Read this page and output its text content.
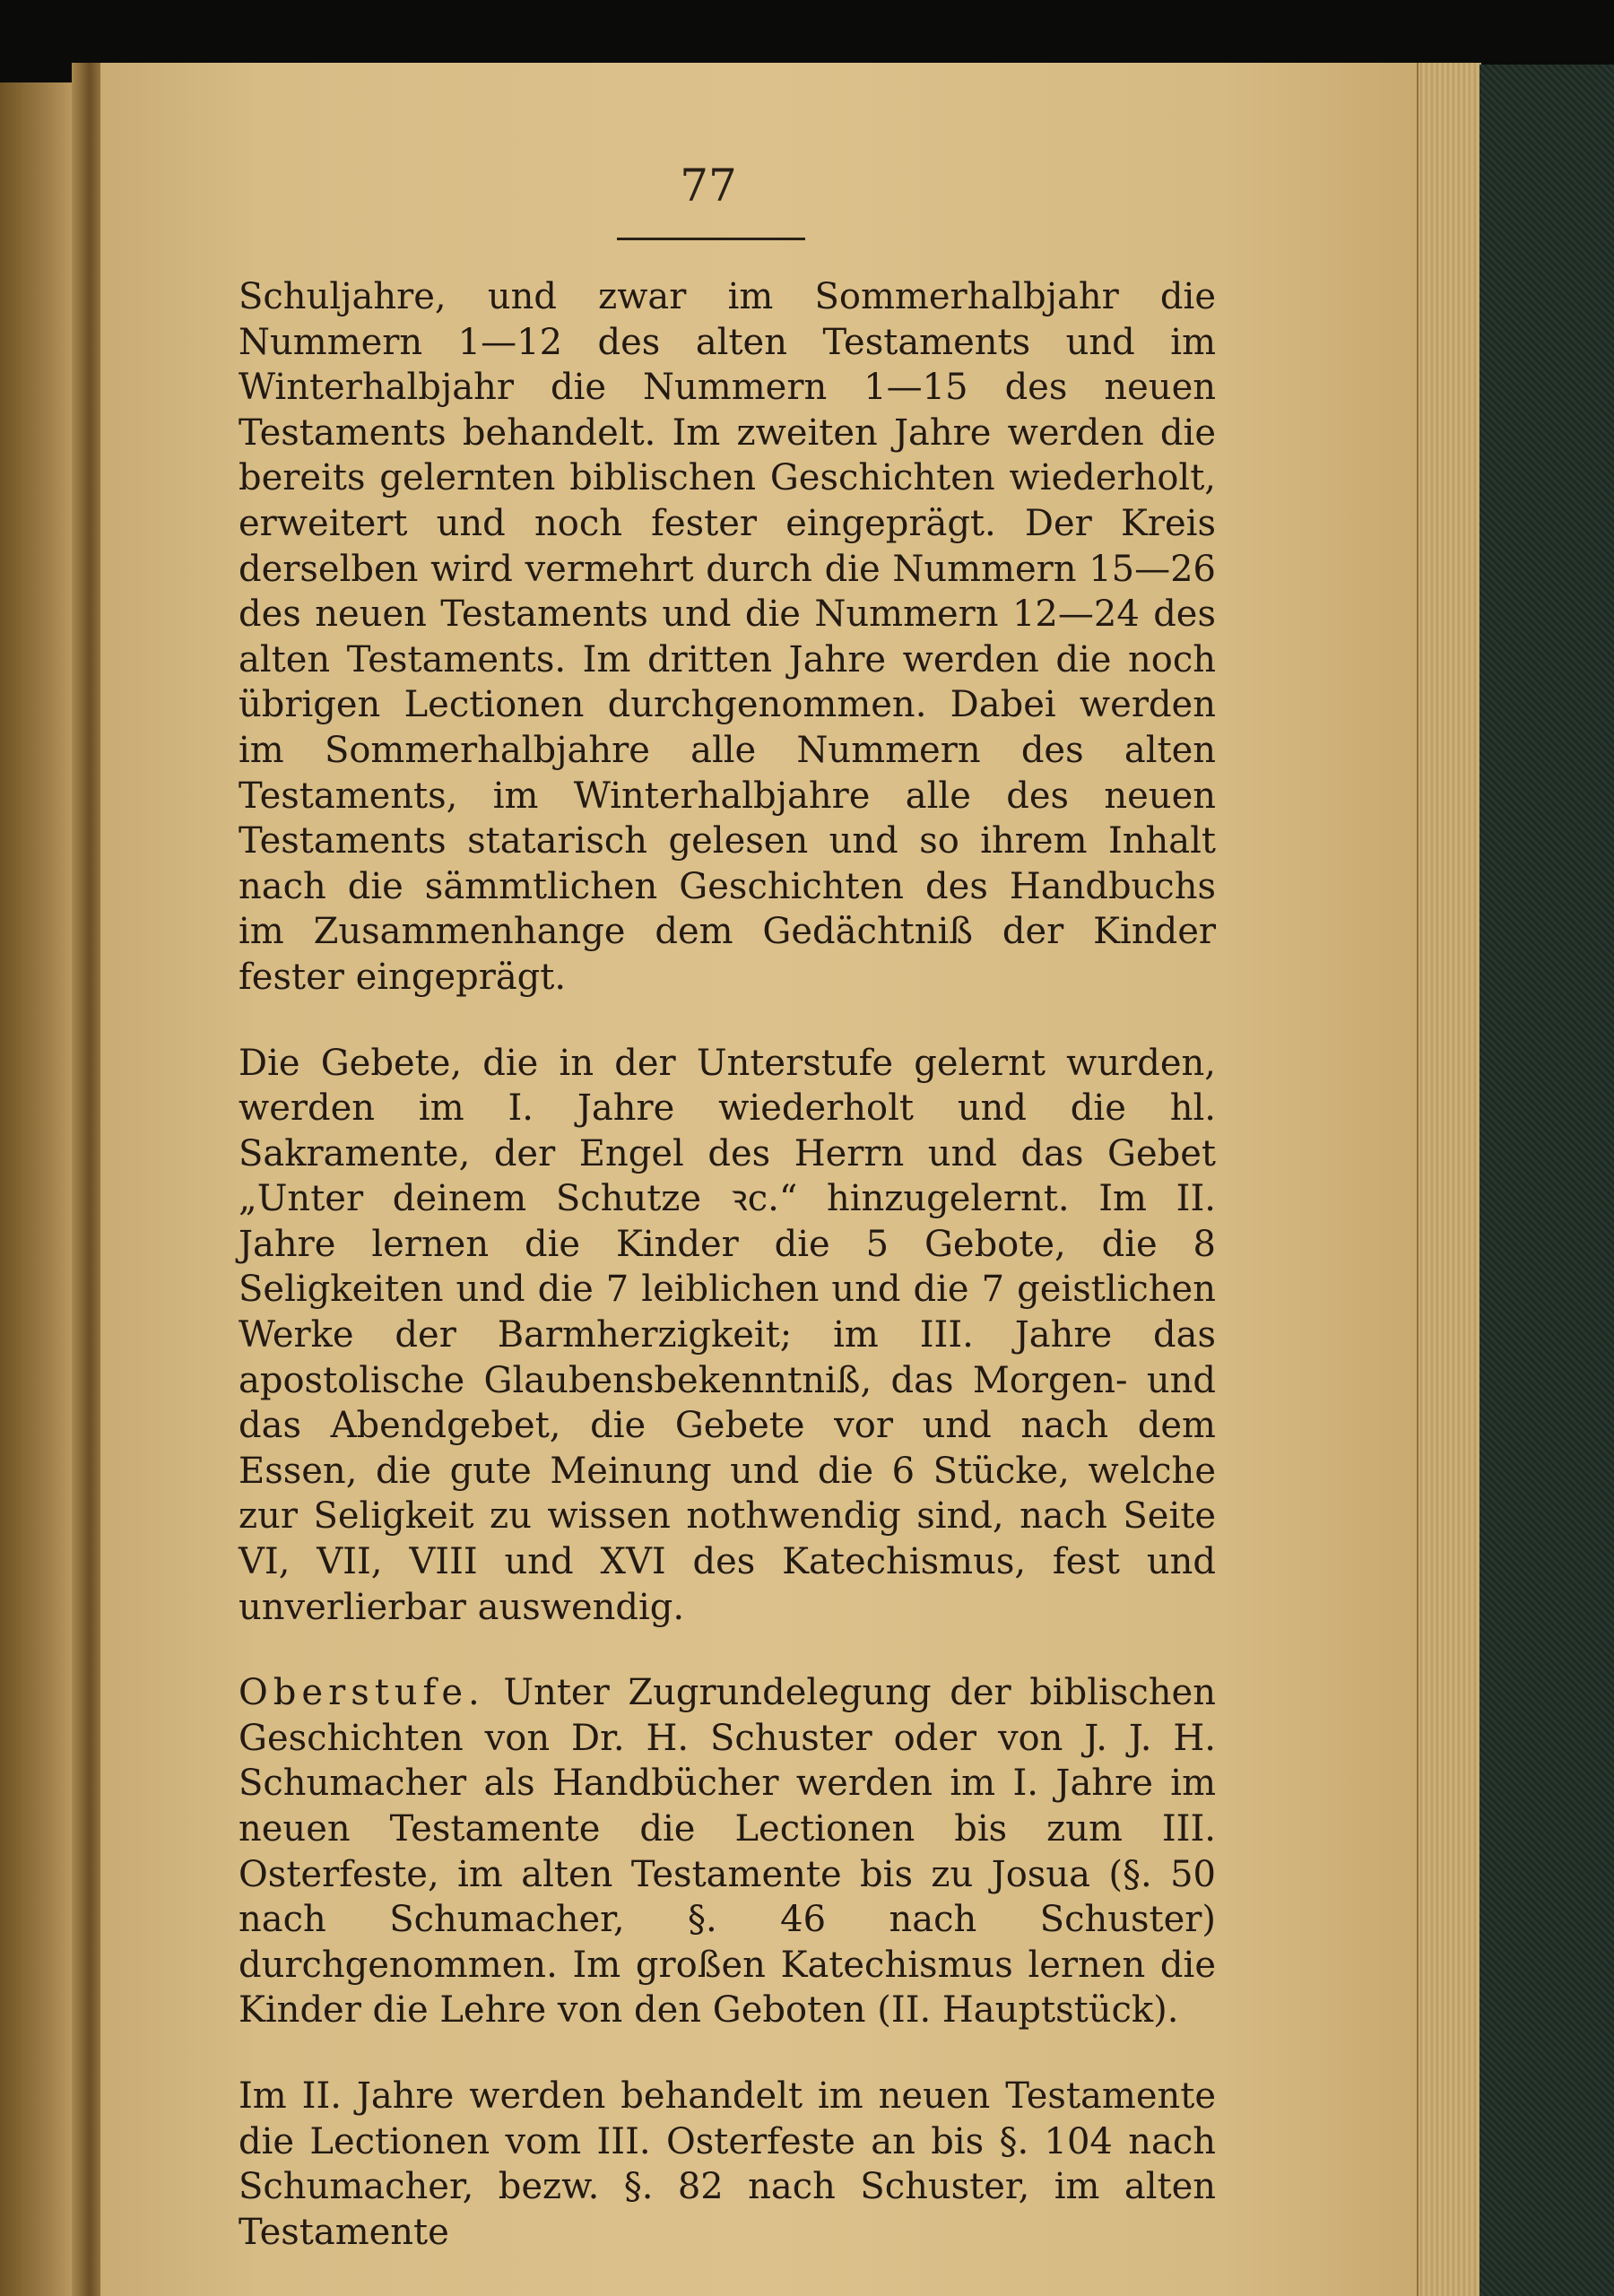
77

Schuljahre, und zwar im Sommerhalbjahr die Nummern 1—12 des alten Testaments und im Winterhalbjahr die Nummern 1—15 des neuen Testaments behandelt. Im zweiten Jahre werden die bereits gelernten biblischen Geschichten wiederholt, erweitert und noch fester eingeprägt. Der Kreis derselben wird vermehrt durch die Nummern 15—26 des neuen Testaments und die Nummern 12—24 des alten Testaments. Im dritten Jahre werden die noch übrigen Lectionen durchgenommen. Dabei werden im Sommerhalbjahre alle Nummern des alten Testaments, im Winterhalbjahre alle des neuen Testaments statarisch gelesen und so ihrem Inhalt nach die sämmtlichen Geschichten des Handbuchs im Zusammenhange dem Gedächtniß der Kinder fester eingeprägt.

Die Gebete, die in der Unterstufe gelernt wurden, werden im I. Jahre wiederholt und die hl. Sakramente, der Engel des Herrn und das Gebet „Unter deinem Schutze ꝛc.“ hinzugelernt. Im II. Jahre lernen die Kinder die 5 Gebote, die 8 Seligkeiten und die 7 leiblichen und die 7 geistlichen Werke der Barmherzigkeit; im III. Jahre das apostolische Glaubensbekenntniß, das Morgen- und das Abendgebet, die Gebete vor und nach dem Essen, die gute Meinung und die 6 Stücke, welche zur Seligkeit zu wissen nothwendig sind, nach Seite VI, VII, VIII und XVI des Katechismus, fest und unverlierbar auswendig.

Oberstufe. Unter Zugrundelegung der biblischen Geschichten von Dr. H. Schuster oder von J. J. H. Schumacher als Handbücher werden im I. Jahre im neuen Testamente die Lectionen bis zum III. Osterfeste, im alten Testamente bis zu Josua (§. 50 nach Schumacher, §. 46 nach Schuster) durchgenommen. Im großen Katechismus lernen die Kinder die Lehre von den Geboten (II. Hauptstück).

Im II. Jahre werden behandelt im neuen Testamente die Lectionen vom III. Osterfeste an bis §. 104 nach Schumacher, bezw. §. 82 nach Schuster, im alten Testamente
